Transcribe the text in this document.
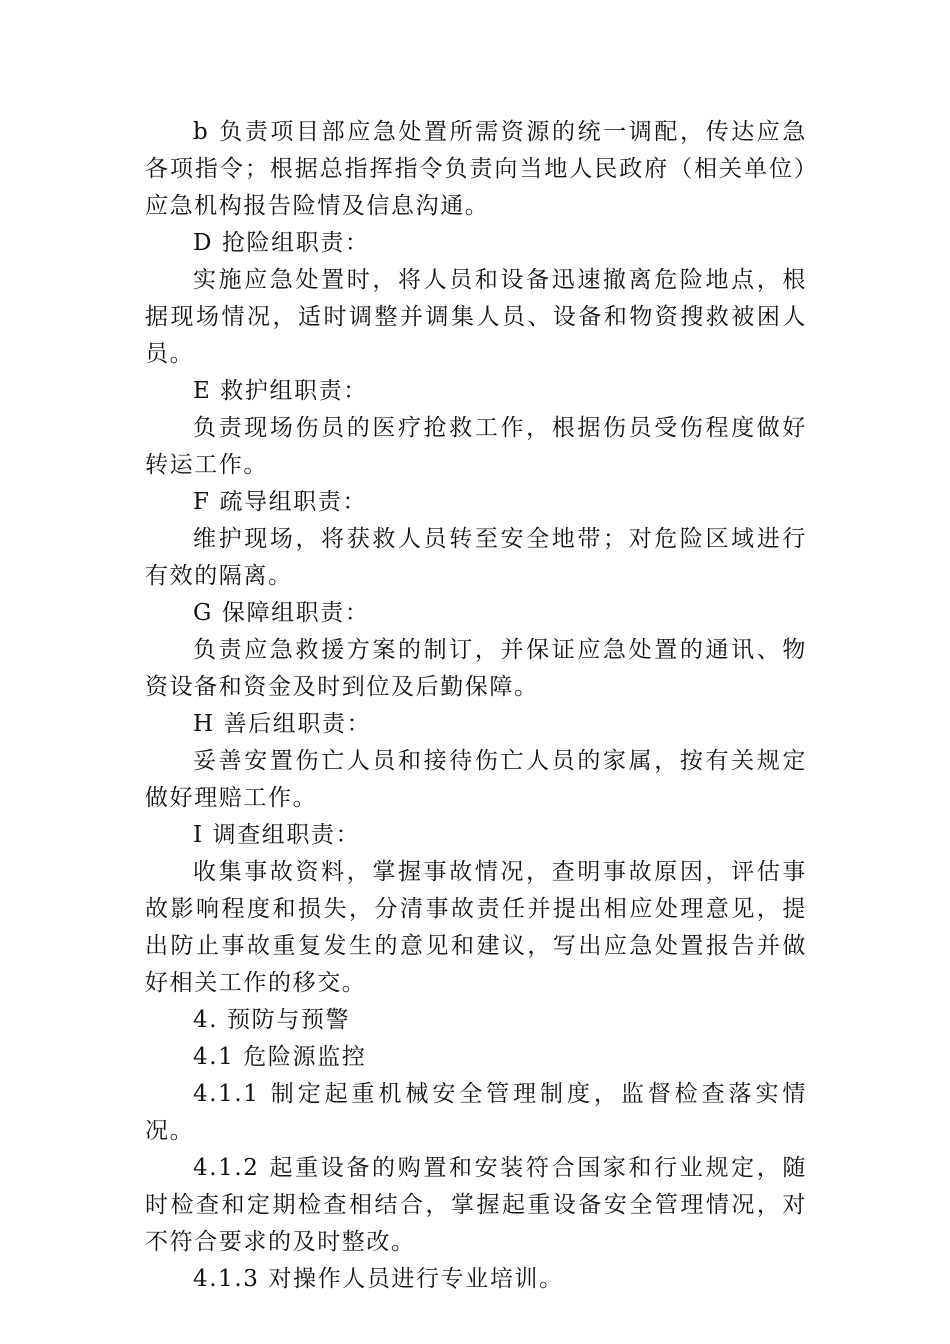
b 负责项目部应急处置所需资源的统一调配，传达应急各项指令；根据总指挥指令负责向当地人民政府（相关单位）应急机构报告险情及信息沟通。

D 抢险组职责：

实施应急处置时，将人员和设备迅速撤离危险地点，根据现场情况，适时调整并调集人员、设备和物资搜救被困人员。

E 救护组职责：

负责现场伤员的医疗抢救工作，根据伤员受伤程度做好转运工作。

F 疏导组职责：

维护现场，将获救人员转至安全地带；对危险区域进行有效的隔离。

G 保障组职责：

负责应急救援方案的制订，并保证应急处置的通讯、物资设备和资金及时到位及后勤保障。

H 善后组职责：

妥善安置伤亡人员和接待伤亡人员的家属，按有关规定做好理赔工作。

I 调查组职责：

收集事故资料，掌握事故情况，查明事故原因，评估事故影响程度和损失，分清事故责任并提出相应处理意见，提出防止事故重复发生的意见和建议，写出应急处置报告并做好相关工作的移交。

4. 预防与预警

4.1 危险源监控

4.1.1 制定起重机械安全管理制度，监督检查落实情况。

4.1.2 起重设备的购置和安装符合国家和行业规定，随时检查和定期检查相结合，掌握起重设备安全管理情况，对不符合要求的及时整改。

4.1.3 对操作人员进行专业培训。
